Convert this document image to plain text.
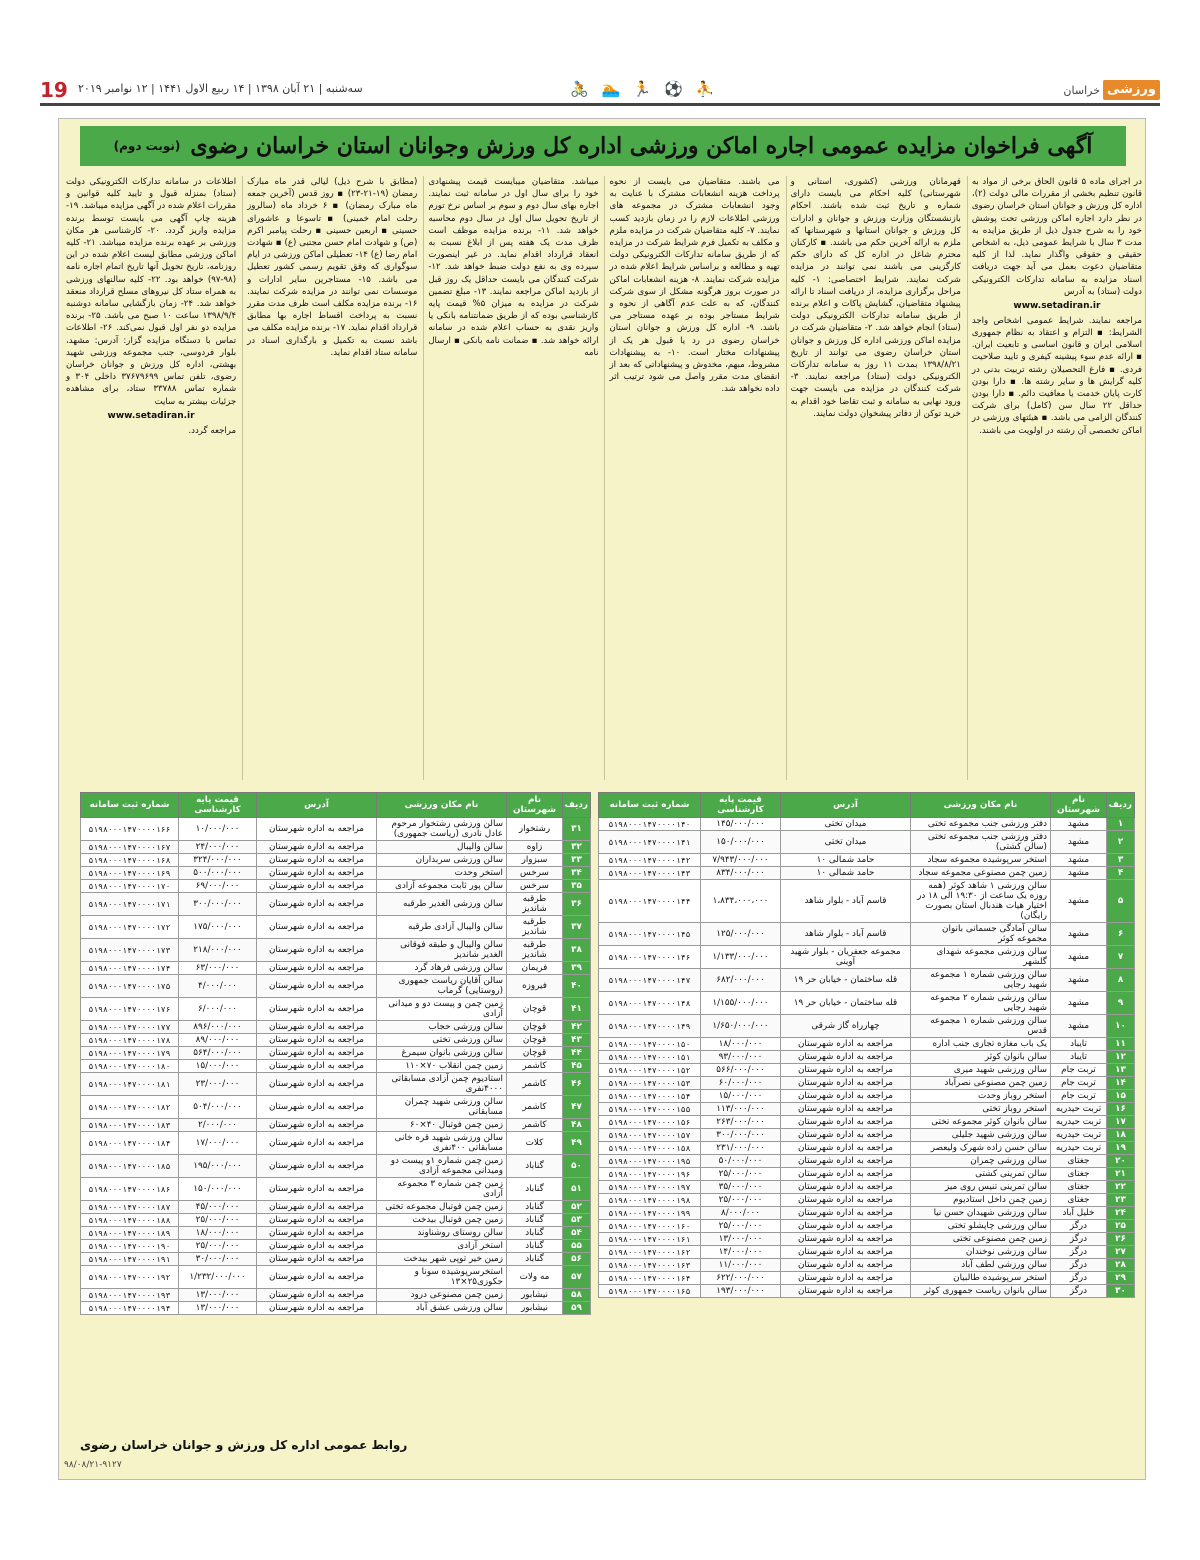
ورزشی
خراسان
⛹ ⚽ 🏃 🏊 🚴
سه‌شنبه | ۲۱ آبان ۱۳۹۸ | ۱۴ ربیع الاول ۱۴۴۱ | ۱۲ نوامبر ۲۰۱۹
19
آگهی فراخوان مزایده عمومی اجاره اماکن ورزشی اداره کل ورزش وجوانان استان خراسان رضوی
(نوبت دوم)

در اجرای ماده ۵ قانون الحاق برخی از مواد به قانون تنظیم بخشی از مقررات مالی دولت (۲)، اداره کل ورزش و جوانان استان خراسان رضوی در نظر دارد اجاره اماکن ورزشی تحت پوشش خود را به شرح جدول ذیل از طریق مزایده به مدت ۳ سال با شرایط عمومی ذیل، به اشخاص حقیقی و حقوقی واگذار نماید. لذا از کلیه متقاضیان دعوت بعمل می آید جهت دریافت اسناد مزایده به سامانه تدارکات الکترونیکی دولت (ستاد) به آدرس

www.setadiran.ir

مراجعه نمایند. شرایط عمومی اشخاص واجد الشرایط: ▪ التزام و اعتقاد به نظام جمهوری اسلامی ایران و قانون اساسی و تابعیت ایران. ▪ ارائه عدم سوء پیشینه کیفری و تایید صلاحیت فردی. ▪ فارغ التحصیلان رشته تربیت بدنی در کلیه گرایش ها و سایر رشته ها. ▪ دارا بودن کارت پایان خدمت یا معافیت دائم. ▪ دارا بودن حداقل ۲۲ سال سن (کامل) برای شرکت کنندگان الزامی می باشد. ▪ هیئتهای ورزشی در اماکن تخصصی آن رشته در اولویت می باشند.

قهرمانان ورزشی (کشوری، استانی و شهرستانی) کلیه احکام می بایست دارای شماره و تاریخ ثبت شده باشند. احکام بازنشستگان وزارت ورزش و جوانان و ادارات کل ورزش و جوانان استانها و شهرستانها که ملزم به ارائه آخرین حکم می باشند. ▪ کارکنان محترم شاغل در اداره کل که دارای حکم کارگزینی می باشند نمی توانند در مزایده شرکت نمایند. شرایط اختصاصی: ۱- کلیه مراحل برگزاری مزایده، از دریافت اسناد تا ارائه پیشنهاد متقاضیان، گشایش پاکات و اعلام برنده از طریق سامانه تدارکات الکترونیکی دولت (ستاد) انجام خواهد شد. ۲- متقاضیان شرکت در مزایده اماکن ورزشی اداره کل ورزش و جوانان استان خراسان رضوی می توانند از تاریخ ۱۳۹۸/۸/۲۱ بمدت ۱۱ روز به سامانه تدارکات الکترونیکی دولت (ستاد) مراجعه نمایند. ۳- شرکت کنندگان در مزایده می بایست جهت ورود نهایی به سامانه و ثبت تقاضا خود اقدام به خرید توکن از دفاتر پیشخوان دولت نمایند.

می باشند. متقاضیان می بایست از نحوه پرداخت هزینه انشعابات مشترک با عنایت به وجود انشعابات مشترک در مجموعه های ورزشی اطلاعات لازم را در زمان بازدید کسب نمایند. ۷- کلیه متقاضیان شرکت در مزایده ملزم و مکلف به تکمیل فرم شرایط شرکت در مزایده که از طریق سامانه تدارکات الکترونیکی دولت تهیه و مطالعه و براساس شرایط اعلام شده در مزایده شرکت نمایند. ۸- هزینه انشعابات اماکن در صورت بروز هرگونه مشکل از سوی شرکت کنندگان، که به علت عدم آگاهی از نحوه و شرایط مستاجر بوده بر عهده مستاجر می باشد. ۹- اداره کل ورزش و جوانان استان خراسان رضوی در رد یا قبول هر یک از پیشنهادات مختار است. ۱۰- به پیشنهادات مشروط، مبهم، مخدوش و پیشنهاداتی که بعد از انقضای مدت مقرر واصل می شود ترتیب اثر داده نخواهد شد.

میباشد. متقاضیان میبایست قیمت پیشنهادی خود را برای سال اول در سامانه ثبت نمایند. اجاره بهای سال دوم و سوم بر اساس نرخ تورم از تاریخ تحویل سال اول در سال دوم محاسبه خواهد شد. ۱۱- برنده مزایده موظف است ظرف مدت یک هفته پس از ابلاغ نسبت به انعقاد قرارداد اقدام نماید. در غیر اینصورت سپرده وی به نفع دولت ضبط خواهد شد. ۱۲- شرکت کنندگان می بایست حداقل یک روز قبل از بازدید اماکن مراجعه نمایند. ۱۳- مبلغ تضمین شرکت در مزایده به میزان ۵% قیمت پایه کارشناسی بوده که از طریق ضمانتنامه بانکی یا واریز نقدی به حساب اعلام شده در سامانه ارائه خواهد شد. ▪ ضمانت نامه بانکی ▪ ارسال نامه

(مطابق با شرح ذیل) لیالی قدر ماه مبارک رمضان (۱۹-۲۱-۲۳) ▪ روز قدس (آخرین جمعه ماه مبارک رمضان) ▪ ۶ خرداد ماه (سالروز رحلت امام خمینی) ▪ تاسوعا و عاشورای حسینی ▪ اربعین حسینی ▪ رحلت پیامبر اکرم (ص) و شهادت امام حسن مجتبی (ع) ▪ شهادت امام رضا (ع) ۱۴- تعطیلی اماکن ورزشی در ایام سوگواری که وفق تقویم رسمی کشور تعطیل می باشد. ۱۵- مستاجرین سایر ادارات و موسسات نمی توانند در مزایده شرکت نمایند. ۱۶- برنده مزایده مکلف است ظرف مدت مقرر نسبت به پرداخت اقساط اجاره بها مطابق قرارداد اقدام نماید. ۱۷- برنده مزایده مکلف می باشد نسبت به تکمیل و بارگذاری اسناد در سامانه ستاد اقدام نماید.

اطلاعات در سامانه تدارکات الکترونیکی دولت (ستاد) بمنزله قبول و تایید کلیه قوانین و مقررات اعلام شده در آگهی مزایده میباشد. ۱۹- هزینه چاپ آگهی می بایست توسط برنده مزایده واریز گردد. ۲۰- کارشناسی هر مکان ورزشی بر عهده برنده مزایده میباشد. ۲۱- کلیه اماکن ورزشی مطابق لیست اعلام شده در این روزنامه، تاریخ تحویل آنها تاریخ اتمام اجاره نامه (۹۸-۹۷) خواهد بود. ۲۲- کلیه سالنهای ورزشی به همراه ستاد کل نیروهای مسلح قرارداد منعقد خواهد شد. ۲۴- زمان بازگشایی سامانه دوشنبه ۱۳۹۸/۹/۴ ساعت ۱۰ صبح می باشد. ۲۵- برنده مزایده دو نفر اول قبول نمی‌کند. ۲۶- اطلاعات تماس با دستگاه مزایده گزار: آدرس: مشهد، بلوار فردوسی، جنب مجموعه ورزشی شهید بهشتی، اداره کل ورزش و جوانان خراسان رضوی، تلفن تماس ۳۷۶۷۹۶۹۹ داخلی ۳۰۴ و شماره تماس ۳۳۷۸۸ ستاد، برای مشاهده جزئیات بیشتر به سایت

www.setadiran.ir

مراجعه گردد.

ردیف	نام شهرستان	نام مکان ورزشی	آدرس	قیمت پایه کارشناسی	شماره ثبت سامانه
۱	مشهد	دفتر ورزشی جنب مجموعه تختی	میدان تختی	۱۴۵/۰۰۰/۰۰۰	۵۱۹۸۰۰۰۱۴۷۰۰۰۰۱۴۰
۲	مشهد	دفتر ورزشی جنب مجموعه تختی (سالن کشتی)	میدان تختی	۱۵۰/۰۰۰/۰۰۰	۵۱۹۸۰۰۰۱۴۷۰۰۰۰۱۴۱
۳	مشهد	استخر سرپوشیده مجموعه سجاد	حامد شمالی ۱۰	۷/۹۴۳/۰۰۰/۰۰۰	۵۱۹۸۰۰۰۱۴۷۰۰۰۰۱۴۲
۴	مشهد	زمین چمن مصنوعی مجموعه سجاد	حامد شمالی ۱۰	۸۳۴/۰۰۰/۰۰۰	۵۱۹۸۰۰۰۱۴۷۰۰۰۰۱۴۳
۵	مشهد	سالن ورزشی ۱ شاهد کوثر (همه روزه یک ساعت از ۱۹:۳۰ الی ۱۸ در اختیار هیات هندبال استان بصورت رایگان)	قاسم آباد - بلوار شاهد	۱،۸۳۴،۰۰۰،۰۰۰	۵۱۹۸۰۰۰۱۴۷۰۰۰۰۱۴۴
۶	مشهد	سالن آمادگی جسمانی بانوان مجموعه کوثر	قاسم آباد - بلوار شاهد	۱۲۵/۰۰۰/۰۰۰	۵۱۹۸۰۰۰۱۴۷۰۰۰۰۱۴۵
۷	مشهد	سالن ورزشی مجموعه شهدای گلشهر	مجموعه جعفریان - بلوار شهید آوینی	۱/۱۳۳/۰۰۰/۰۰۰	۵۱۹۸۰۰۰۱۴۷۰۰۰۰۱۴۶
۸	مشهد	سالن ورزشی شماره ۱ مجموعه شهید رجایی	قله ساختمان - خیابان حر ۱۹	۶۸۲/۰۰۰/۰۰۰	۵۱۹۸۰۰۰۱۴۷۰۰۰۰۱۴۷
۹	مشهد	سالن ورزشی شماره ۲ مجموعه شهید رجایی	قله ساختمان - خیابان حر ۱۹	۱/۱۵۵/۰۰۰/۰۰۰	۵۱۹۸۰۰۰۱۴۷۰۰۰۰۱۴۸
۱۰	مشهد	سالن ورزشی شماره ۱ مجموعه قدس	چهارراه گاز شرقی	۱/۶۵۰/۰۰۰/۰۰۰	۵۱۹۸۰۰۰۱۴۷۰۰۰۰۱۴۹
۱۱	تایباد	یک باب مغازه تجاری جنب اداره	مراجعه به اداره شهرستان	۱۸/۰۰۰/۰۰۰	۵۱۹۸۰۰۰۱۴۷۰۰۰۰۱۵۰
۱۲	تایباد	سالن بانوان کوثر	مراجعه به اداره شهرستان	۹۳/۰۰۰/۰۰۰	۵۱۹۸۰۰۰۱۴۷۰۰۰۰۱۵۱
۱۳	تربت جام	سالن ورزشی شهید میری	مراجعه به اداره شهرستان	۵۶۶/۰۰۰/۰۰۰	۵۱۹۸۰۰۰۱۴۷۰۰۰۰۱۵۲
۱۴	تربت جام	زمین چمن مصنوعی نصرآباد	مراجعه به اداره شهرستان	۶۰/۰۰۰/۰۰۰	۵۱۹۸۰۰۰۱۴۷۰۰۰۰۱۵۳
۱۵	تربت جام	استخر روباز وحدت	مراجعه به اداره شهرستان	۱۵/۰۰۰/۰۰۰	۵۱۹۸۰۰۰۱۴۷۰۰۰۰۱۵۴
۱۶	تربت حیدریه	استخر روباز تختی	مراجعه به اداره شهرستان	۱۱۳/۰۰۰/۰۰۰	۵۱۹۸۰۰۰۱۴۷۰۰۰۰۱۵۵
۱۷	تربت حیدریه	سالن بانوان کوثر مجموعه تختی	مراجعه به اداره شهرستان	۲۶۳/۰۰۰/۰۰۰	۵۱۹۸۰۰۰۱۴۷۰۰۰۰۱۵۶
۱۸	تربت حیدریه	سالن ورزشی شهید جلیلی	مراجعه به اداره شهرستان	۳۰۰/۰۰۰/۰۰۰	۵۱۹۸۰۰۰۱۴۷۰۰۰۰۱۵۷
۱۹	تربت حیدریه	سالن حسن زاده شهرک ولیعصر	مراجعه به اداره شهرستان	۲۳۱/۰۰۰/۰۰۰	۵۱۹۸۰۰۰۱۴۷۰۰۰۰۱۵۸
۲۰	جغتای	سالن ورزشی چمران	مراجعه به اداره شهرستان	۵۰/۰۰۰/۰۰۰	۵۱۹۸۰۰۰۱۴۷۰۰۰۰۱۹۵
۲۱	جغتای	سالن تمرینی کشتی	مراجعه به اداره شهرستان	۲۵/۰۰۰/۰۰۰	۵۱۹۸۰۰۰۱۴۷۰۰۰۰۱۹۶
۲۲	جغتای	سالن تمرینی تنیس روی میز	مراجعه به اداره شهرستان	۳۵/۰۰۰/۰۰۰	۵۱۹۸۰۰۰۱۴۷۰۰۰۰۱۹۷
۲۳	جغتای	زمین چمن داخل استادیوم	مراجعه به اداره شهرستان	۲۵/۰۰۰/۰۰۰	۵۱۹۸۰۰۰۱۴۷۰۰۰۰۱۹۸
۲۴	خلیل آباد	سالن ورزشی شهیدان حسن نیا	مراجعه به اداره شهرستان	۸/۰۰۰/۰۰۰	۵۱۹۸۰۰۰۱۴۷۰۰۰۰۱۹۹
۲۵	درگز	سالن ورزشی چاپشلو تختی	مراجعه به اداره شهرستان	۲۵/۰۰۰/۰۰۰	۵۱۹۸۰۰۰۱۴۷۰۰۰۰۱۶۰
۲۶	درگز	زمین چمن مصنوعی تختی	مراجعه به اداره شهرستان	۱۳/۰۰۰/۰۰۰	۵۱۹۸۰۰۰۱۴۷۰۰۰۰۱۶۱
۲۷	درگز	سالن ورزشی نوخندان	مراجعه به اداره شهرستان	۱۴/۰۰۰/۰۰۰	۵۱۹۸۰۰۰۱۴۷۰۰۰۰۱۶۲
۲۸	درگز	سالن ورزشی لطف آباد	مراجعه به اداره شهرستان	۱۱/۰۰۰/۰۰۰	۵۱۹۸۰۰۰۱۴۷۰۰۰۰۱۶۳
۲۹	درگز	استخر سرپوشیده طالبیان	مراجعه به اداره شهرستان	۶۲۲/۰۰۰/۰۰۰	۵۱۹۸۰۰۰۱۴۷۰۰۰۰۱۶۴
۳۰	درگز	سالن بانوان ریاست جمهوری کوثر	مراجعه به اداره شهرستان	۱۹۳/۰۰۰/۰۰۰	۵۱۹۸۰۰۰۱۴۷۰۰۰۰۱۶۵
ردیف	نام شهرستان	نام مکان ورزشی	آدرس	قیمت پایه کارشناسی	شماره ثبت سامانه
۳۱	رشتخوار	سالن ورزشی رشتخوار مرحوم عادل نادری (ریاست جمهوری)	مراجعه به اداره شهرستان	۱۰/۰۰۰/۰۰۰	۵۱۹۸۰۰۰۱۴۷۰۰۰۰۱۶۶
۳۲	زاوه	سالن والیبال	مراجعه به اداره شهرستان	۲۴/۰۰۰/۰۰۰	۵۱۹۸۰۰۰۱۴۷۰۰۰۰۱۶۷
۳۳	سبزوار	سالن ورزشی سربداران	مراجعه به اداره شهرستان	۳۲۴/۰۰۰/۰۰۰	۵۱۹۸۰۰۰۱۴۷۰۰۰۰۱۶۸
۳۴	سرخس	استخر وحدت	مراجعه به اداره شهرستان	۵۰۰/۰۰۰/۰۰۰	۵۱۹۸۰۰۰۱۴۷۰۰۰۰۱۶۹
۳۵	سرخس	سالن پور ثابت مجموعه آزادی	مراجعه به اداره شهرستان	۶۹/۰۰۰/۰۰۰	۵۱۹۸۰۰۰۱۴۷۰۰۰۰۱۷۰
۳۶	طرقبه شاندیز	سالن ورزشی الغدیر طرقبه	مراجعه به اداره شهرستان	۳۰۰/۰۰۰/۰۰۰	۵۱۹۸۰۰۰۱۴۷۰۰۰۰۱۷۱
۳۷	طرقبه شاندیز	سالن والیبال آزادی طرقبه	مراجعه به اداره شهرستان	۱۷۵/۰۰۰/۰۰۰	۵۱۹۸۰۰۰۱۴۷۰۰۰۰۱۷۲
۳۸	طرقبه شاندیز	سالن والیبال و طبقه فوقانی الغدیر شاندیز	مراجعه به اداره شهرستان	۲۱۸/۰۰۰/۰۰۰	۵۱۹۸۰۰۰۱۴۷۰۰۰۰۱۷۳
۳۹	فریمان	سالن ورزشی فرهاد گرد	مراجعه به اداره شهرستان	۶۳/۰۰۰/۰۰۰	۵۱۹۸۰۰۰۱۴۷۰۰۰۰۱۷۴
۴۰	فیروزه	سالن آقایان ریاست جمهوری (روستایی) گرماب	مراجعه به اداره شهرستان	۴/۰۰۰/۰۰۰	۵۱۹۸۰۰۰۱۴۷۰۰۰۰۱۷۵
۴۱	قوچان	زمین چمن و پیست دو و میدانی آزادی	مراجعه به اداره شهرستان	۶/۰۰۰/۰۰۰	۵۱۹۸۰۰۰۱۴۷۰۰۰۰۱۷۶
۴۲	قوچان	سالن ورزشی حجاب	مراجعه به اداره شهرستان	۸۹۶/۰۰۰/۰۰۰	۵۱۹۸۰۰۰۱۴۷۰۰۰۰۱۷۷
۴۳	قوچان	سالن ورزشی تختی	مراجعه به اداره شهرستان	۸۹/۰۰۰/۰۰۰	۵۱۹۸۰۰۰۱۴۷۰۰۰۰۱۷۸
۴۴	قوچان	سالن ورزشی بانوان سیمرغ	مراجعه به اداره شهرستان	۵۶۴/۰۰۰/۰۰۰	۵۱۹۸۰۰۰۱۴۷۰۰۰۰۱۷۹
۴۵	کاشمر	زمین چمن انقلاب ۷۰×۱۱۰	مراجعه به اداره شهرستان	۱۵/۰۰۰/۰۰۰	۵۱۹۸۰۰۰۱۴۷۰۰۰۰۱۸۰
۴۶	کاشمر	استادیوم چمن آزادی مسابقاتی ۴۰۰۰نفری	مراجعه به اداره شهرستان	۲۳/۰۰۰/۰۰۰	۵۱۹۸۰۰۰۱۴۷۰۰۰۰۱۸۱
۴۷	کاشمر	سالن ورزشی شهید چمران مسابقاتی	مراجعه به اداره شهرستان	۵۰۴/۰۰۰/۰۰۰	۵۱۹۸۰۰۰۱۴۷۰۰۰۰۱۸۲
۴۸	کاشمر	زمین چمن فوتبال ۴۰×۶۰	مراجعه به اداره شهرستان	۲/۰۰۰/۰۰۰	۵۱۹۸۰۰۰۱۴۷۰۰۰۰۱۸۳
۴۹	کلات	سالن ورزشی شهید قره خانی مسابقاتی ۴۰۰نفری	مراجعه به اداره شهرستان	۱۷/۰۰۰/۰۰۰	۵۱۹۸۰۰۰۱۴۷۰۰۰۰۱۸۴
۵۰	گناباد	زمین چمن شماره ۱و پیست دو ومیدانی مجموعه آزادی	مراجعه به اداره شهرستان	۱۹۵/۰۰۰/۰۰۰	۵۱۹۸۰۰۰۱۴۷۰۰۰۰۱۸۵
۵۱	گناباد	زمین چمن شماره ۳ مجموعه آزادی	مراجعه به اداره شهرستان	۱۵۰/۰۰۰/۰۰۰	۵۱۹۸۰۰۰۱۴۷۰۰۰۰۱۸۶
۵۲	گناباد	زمین چمن فوتبال مجموعه تختی	مراجعه به اداره شهرستان	۴۵/۰۰۰/۰۰۰	۵۱۹۸۰۰۰۱۴۷۰۰۰۰۱۸۷
۵۳	گناباد	زمین چمن فوتبال بیدخت	مراجعه به اداره شهرستان	۲۵/۰۰۰/۰۰۰	۵۱۹۸۰۰۰۱۴۷۰۰۰۰۱۸۸
۵۴	گناباد	سالن روستای روشناوند	مراجعه به اداره شهرستان	۱۸/۰۰۰/۰۰۰	۵۱۹۸۰۰۰۱۴۷۰۰۰۰۱۸۹
۵۵	گناباد	استخر آزادی	مراجعه به اداره شهرستان	۲۵/۰۰۰/۰۰۰	۵۱۹۸۰۰۰۱۴۷۰۰۰۰۱۹۰
۵۶	گناباد	زمین خیر توپی شهر بیدخت	مراجعه به اداره شهرستان	۳۰/۰۰۰/۰۰۰	۵۱۹۸۰۰۰۱۴۷۰۰۰۰۱۹۱
۵۷	مه ولات	استخرسرپوشیده سونا و جکوزی۲۵×۱۳	مراجعه به اداره شهرستان	۱/۲۳۲/۰۰۰/۰۰۰	۵۱۹۸۰۰۰۱۴۷۰۰۰۰۱۹۲
۵۸	نیشابور	زمین چمن مصنوعی درود	مراجعه به اداره شهرستان	۱۳/۰۰۰/۰۰۰	۵۱۹۸۰۰۰۱۴۷۰۰۰۰۱۹۳
۵۹	نیشابور	سالن ورزشی عشق آباد	مراجعه به اداره شهرستان	۱۳/۰۰۰/۰۰۰	۵۱۹۸۰۰۰۱۴۷۰۰۰۰۱۹۴
روابط عمومی اداره کل ورزش و جوانان خراسان رضوی
۹۸/۰۸/۲۱-۹۱۲۷
